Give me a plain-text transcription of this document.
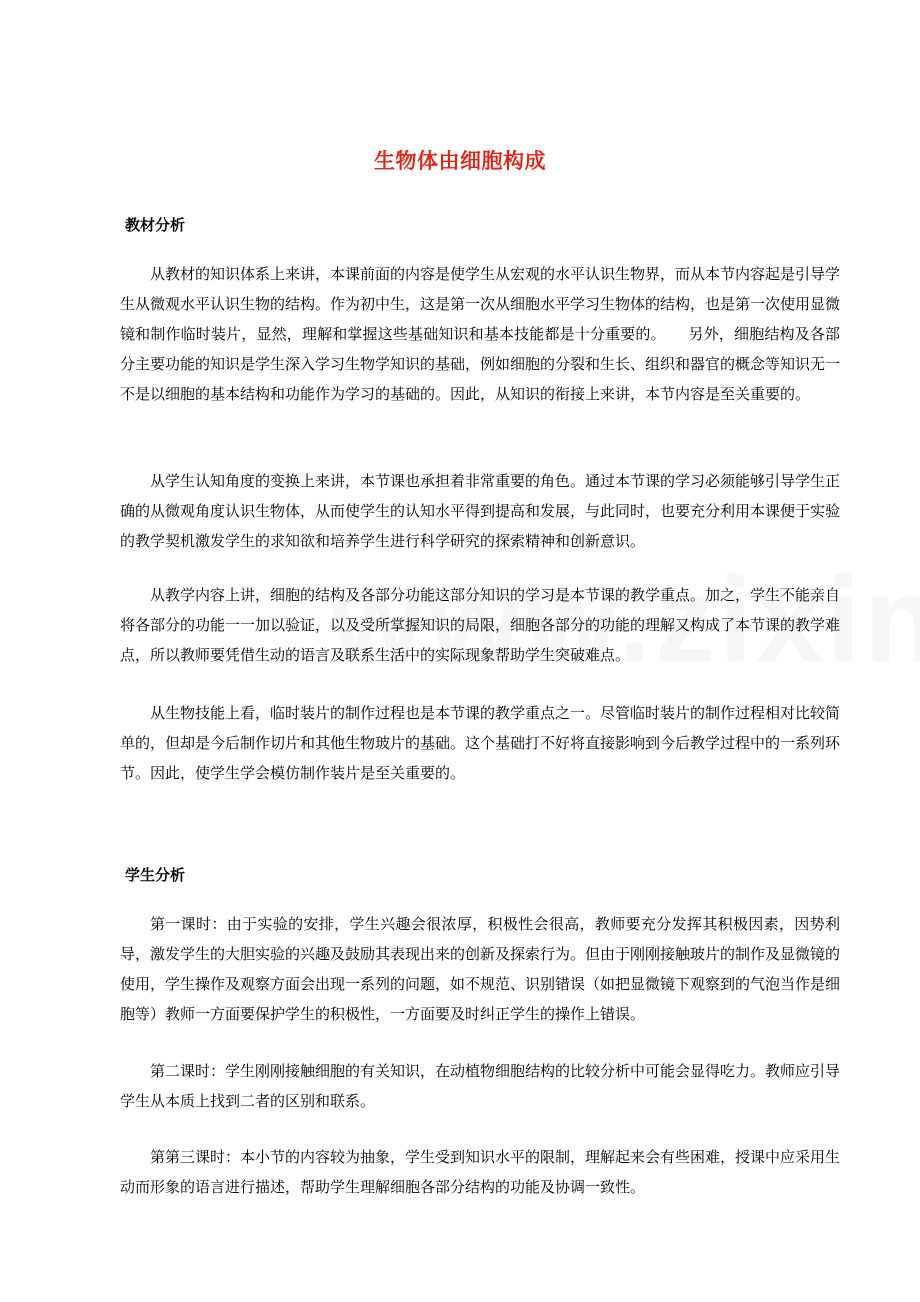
生物体由细胞构成
教材分析

从教材的知识体系上来讲，本课前面的内容是使学生从宏观的水平认识生物界，而从本节内容起是引导学生从微观水平认识生物的结构。作为初中生，这是第一次从细胞水平学习生物体的结构，也是第一次使用显微镜和制作临时装片，显然，理解和掌握这些基础知识和基本技能都是十分重要的。　　另外，细胞结构及各部分主要功能的知识是学生深入学习生物学知识的基础，例如细胞的分裂和生长、组织和器官的概念等知识无一不是以细胞的基本结构和功能作为学习的基础的。因此，从知识的衔接上来讲，本节内容是至关重要的。

从学生认知角度的变换上来讲，本节课也承担着非常重要的角色。通过本节课的学习必须能够引导学生正确的从微观角度认识生物体，从而使学生的认知水平得到提高和发展，与此同时，也要充分利用本课便于实验的教学契机激发学生的求知欲和培养学生进行科学研究的探索精神和创新意识。

从教学内容上讲，细胞的结构及各部分功能这部分知识的学习是本节课的教学重点。加之，学生不能亲自将各部分的功能一一加以验证，以及受所掌握知识的局限，细胞各部分的功能的理解又构成了本节课的教学难点，所以教师要凭借生动的语言及联系生活中的实际现象帮助学生突破难点。

从生物技能上看，临时装片的制作过程也是本节课的教学重点之一。尽管临时装片的制作过程相对比较简单的，但却是今后制作切片和其他生物玻片的基础。这个基础打不好将直接影响到今后教学过程中的一系列环节。因此，使学生学会模仿制作装片是至关重要的。

学生分析

第一课时：由于实验的安排，学生兴趣会很浓厚，积极性会很高，教师要充分发挥其积极因素，因势利导，激发学生的大胆实验的兴趣及鼓励其表现出来的创新及探索行为。但由于刚刚接触玻片的制作及显微镜的使用，学生操作及观察方面会出现一系列的问题，如不规范、识别错误（如把显微镜下观察到的气泡当作是细胞等）教师一方面要保护学生的积极性，一方面要及时纠正学生的操作上错误。

第二课时：学生刚刚接触细胞的有关知识，在动植物细胞结构的比较分析中可能会显得吃力。教师应引导学生从本质上找到二者的区别和联系。

第第三课时：本小节的内容较为抽象，学生受到知识水平的限制，理解起来会有些困难，授课中应采用生动而形象的语言进行描述，帮助学生理解细胞各部分结构的功能及协调一致性。
